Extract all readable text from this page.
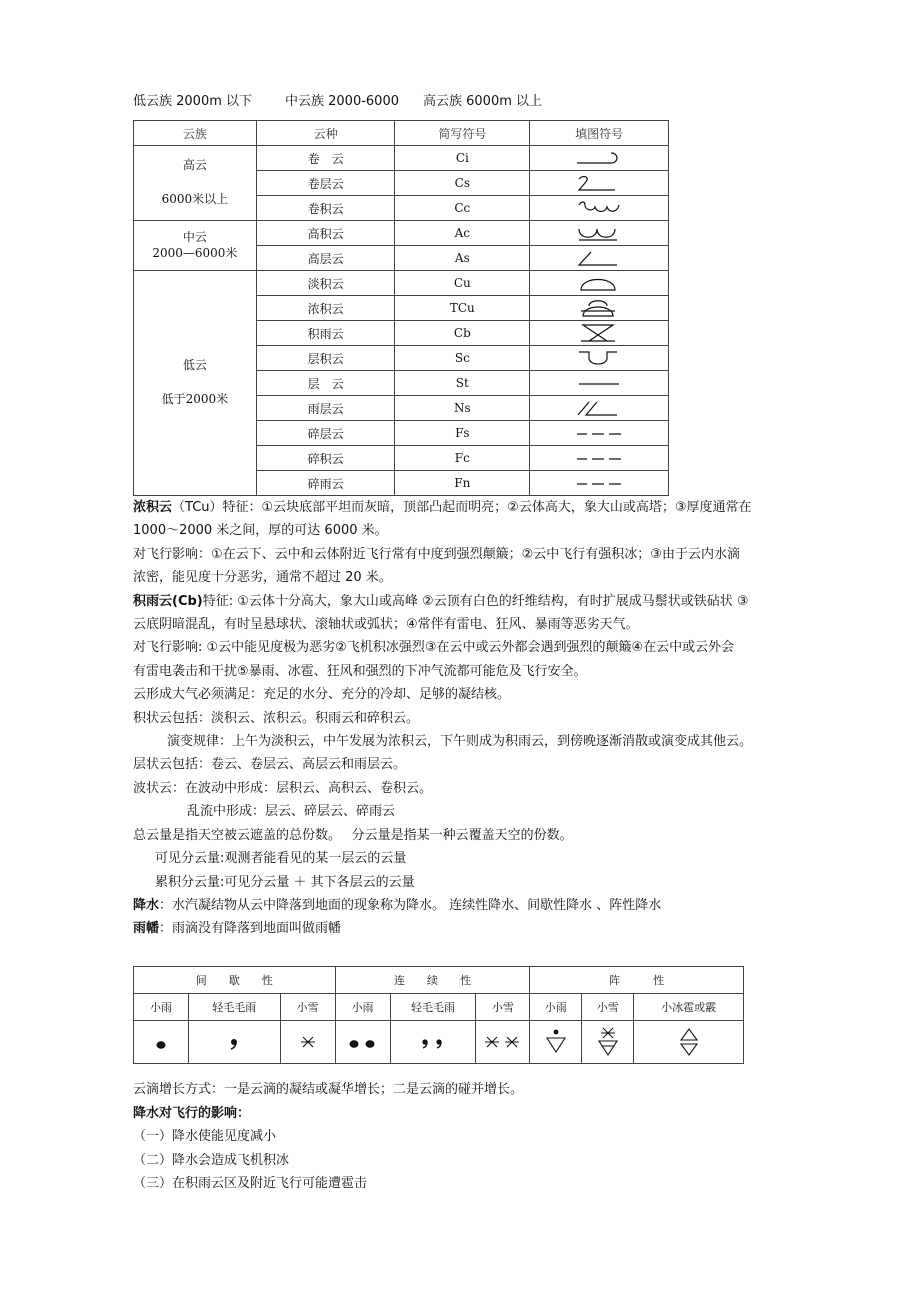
低云族 2000m 以下	中云族 2000-6000 高云族 6000m 以上
云族	云种	简写符号	填图符号
高云
6000米以上	卷　云	Ci	

	卷层云	Cs	

	卷积云	Cc	

中云
2000—6000米	高积云	Ac	

	高层云	As	

低云
低于2000米	淡积云	Cu	

	浓积云	TCu	

	积雨云	Cb	

	层积云	Sc	

	层　云	St	

	雨层云	Ns	

	碎层云	Fs	

	碎积云	Fc	

	碎雨云	Fn	

浓积云（TCu）特征：①云块底部平坦而灰暗，顶部凸起而明亮；②云体高大，象大山或高塔；③厚度通常在

1000～2000 米之间，厚的可达 6000 米。

对飞行影响：①在云下、云中和云体附近飞行常有中度到强烈颠簸；②云中飞行有强积冰；③由于云内水滴

浓密，能见度十分恶劣，通常不超过 20 米。

积雨云(Cb)特征: ①云体十分高大，象大山或高峰 ②云顶有白色的纤维结构，有时扩展成马鬃状或铁砧状 ③

云底阴暗混乱，有时呈悬球状、滚轴状或弧状；④常伴有雷电、狂风、暴雨等恶劣天气。

对飞行影响: ①云中能见度极为恶劣②飞机积冰强烈③在云中或云外都会遇到强烈的颠簸④在云中或云外会

有雷电袭击和干扰⑤暴雨、冰雹、狂风和强烈的下冲气流都可能危及飞行安全。

云形成大气必须满足：充足的水分、充分的冷却、足够的凝结核。

积状云包括：淡积云、浓积云。积雨云和碎积云。

演变规律：上午为淡积云，中午发展为浓积云，下午则成为积雨云，到傍晚逐渐消散或演变成其他云。

层状云包括：卷云、卷层云、高层云和雨层云。

波状云：在波动中形成：层积云、高积云、卷积云。

乱流中形成：层云、碎层云、碎雨云

总云量是指天空被云遮盖的总份数。　 分云量是指某一种云覆盖天空的份数。

可见分云量:观测者能看见的某一层云的云量

累积分云量:可见分云量 ＋ 其下各层云的云量

降水：水汽凝结物从云中降落到地面的现象称为降水。 连续性降水、间歇性降水 、阵性降水

雨幡：雨滴没有降落到地面叫做雨幡

间　　歇　　性			连　　续　　性			阵　　　性		
小雨	轻毛毛雨	小雪	小雨	轻毛毛雨	小雪	小雨	小雪	小冰雹或霰

云滴增长方式：一是云滴的凝结或凝华增长；二是云滴的碰并增长。

降水对飞行的影响：

（一）降水使能见度减小

（二）降水会造成飞机积冰

（三）在积雨云区及附近飞行可能遭雹击
